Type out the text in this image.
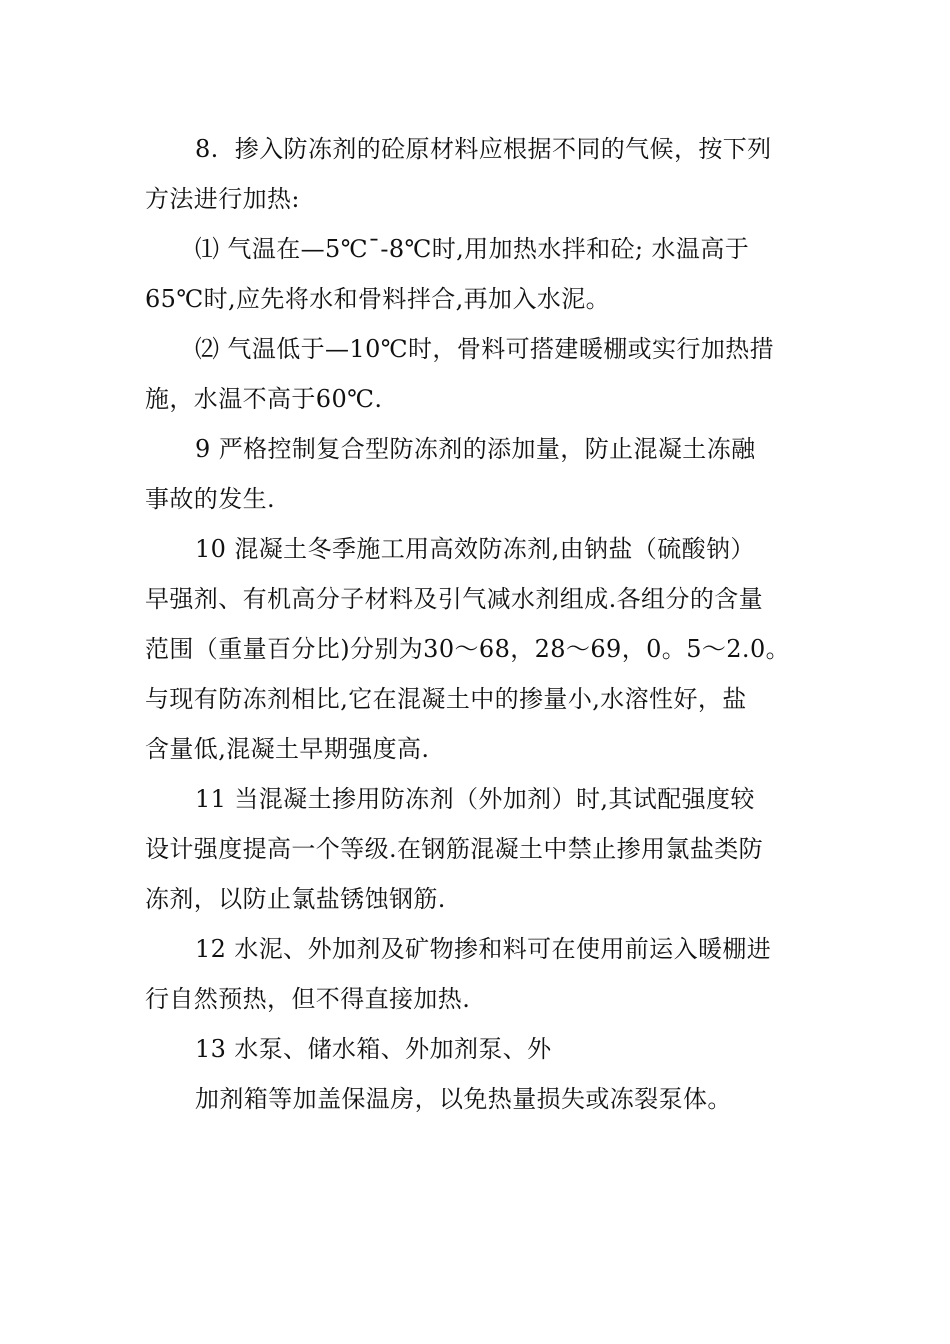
8.  掺入防冻剂的砼原材料应根据不同的气候，按下列
方法进行加热:
⑴ 气温在—5℃¯-8℃时,用加热水拌和砼; 水温高于
65℃时,应先将水和骨料拌合,再加入水泥。
⑵ 气温低于—10℃时，骨料可搭建暖棚或实行加热措
施，水温不高于60℃.
9 严格控制复合型防冻剂的添加量，防止混凝土冻融
事故的发生.
10 混凝土冬季施工用高效防冻剂,由钠盐（硫酸钠）
早强剂、有机高分子材料及引气减水剂组成.各组分的含量
范围（重量百分比)分别为30～68，28～69，0。5～2.0。
与现有防冻剂相比,它在混凝土中的掺量小,水溶性好，盐
含量低,混凝土早期强度高.
11 当混凝土掺用防冻剂（外加剂）时,其试配强度较
设计强度提高一个等级.在钢筋混凝土中禁止掺用氯盐类防
冻剂，以防止氯盐锈蚀钢筋.
12 水泥、外加剂及矿物掺和料可在使用前运入暖棚进
行自然预热，但不得直接加热.
13 水泵、储水箱、外加剂泵、外
加剂箱等加盖保温房，以免热量损失或冻裂泵体。
